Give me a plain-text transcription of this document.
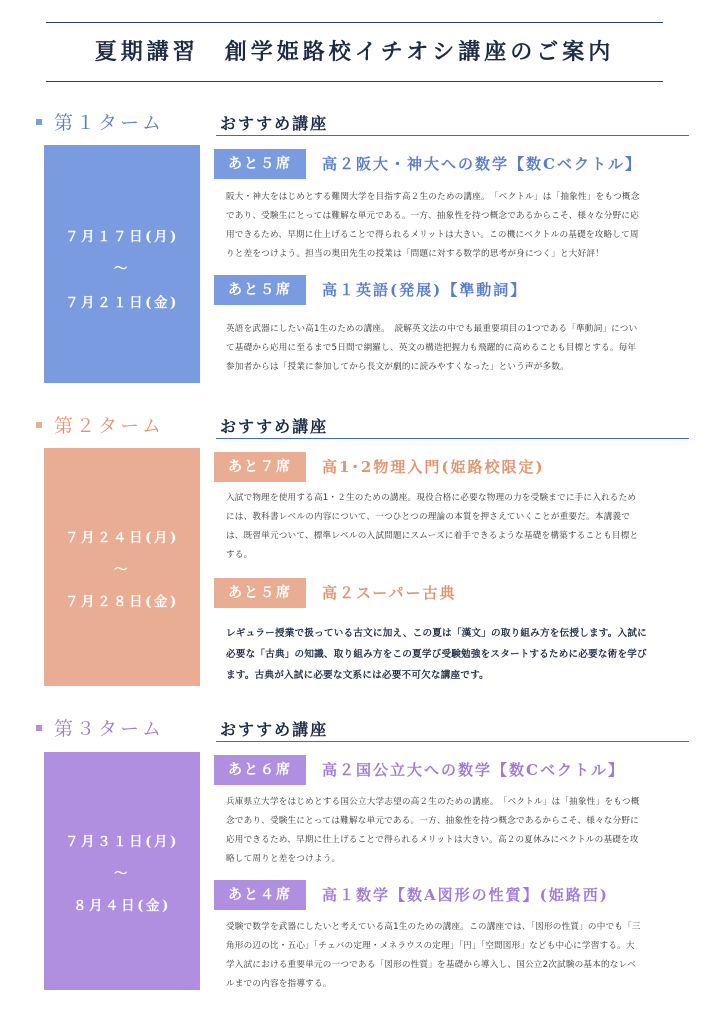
夏期講習　創学姫路校イチオシ講座のご案内
第１ターム
７月１７日(月)
～
７月２１日(金)
おすすめ講座
あと５席	高２阪大・神大への数学【数Cベクトル】
阪大・神大をはじめとする難関大学を目指す高２生のための講座。　「ベクトル」は「抽象性」をもつ概念であり、受験生にとっては難解な単元である。一方、抽象性を持つ概念であるからこそ、様々な分野に応用できるため、早期に仕上げることで得られるメリットは大きい。この機にベクトルの基礎を攻略して周りと差をつけよう。担当の奥田先生の授業は「問題に対する数学的思考が身につく」と大好評！
あと５席	高１英語(発展)【準動詞】
英語を武器にしたい高1生のための講座。　読解英文法の中でも最重要項目の1つである「準動詞」について基礎から応用に至るまで5日間で網羅し、英文の構造把握力も飛躍的に高めることも目標とする。毎年参加者からは「授業に参加してから長文が劇的に読みやすくなった」という声が多数。
第２ターム
７月２４日(月)
～
７月２８日(金)
おすすめ講座
あと７席	高1･2物理入門(姫路校限定)
入試で物理を使用する高1・２生のための講座。現役合格に必要な物理の力を受験までに手に入れるためには、教科書レベルの内容について、一つひとつの理論の本質を押さえていくことが重要だ。本講義では、既習単元ついて、標準レベルの入試問題にスムーズに着手できるような基礎を構築することも目標とする。
あと５席	高２スーパー古典
レギュラー授業で扱っている古文に加え、この夏は「漢文」の取り組み方を伝授します。入試に必要な「古典」の知識、取り組み方をこの夏学び受験勉強をスタートするために必要な術を学びます。古典が入試に必要な文系には必要不可欠な講座です。
第３ターム
７月３１日(月)
～
８月４日(金)
おすすめ講座
あと６席	高２国公立大への数学【数Cベクトル】
兵庫県立大学をはじめとする国公立大学志望の高２生のための講座。　「ベクトル」は「抽象性」をもつ概念であり、受験生にとっては難解な単元である。一方、抽象性を持つ概念であるからこそ、様々な分野に応用できるため、早期に仕上げることで得られるメリットは大きい。高２の夏休みにベクトルの基礎を攻略して周りと差をつけよう。
あと４席	高１数学【数A図形の性質】(姫路西)
受験で数学を武器にしたいと考えている高1生のための講座。この講座では、「図形の性質」の中でも「三角形の辺の比・五心」「チェバの定理・メネラウスの定理」「円」「空間図形」なども中心に学習する。大学入試における重要単元の一つである「図形の性質」を基礎から導入し、国公立2次試験の基本的なレベルまでの内容を指導する。
